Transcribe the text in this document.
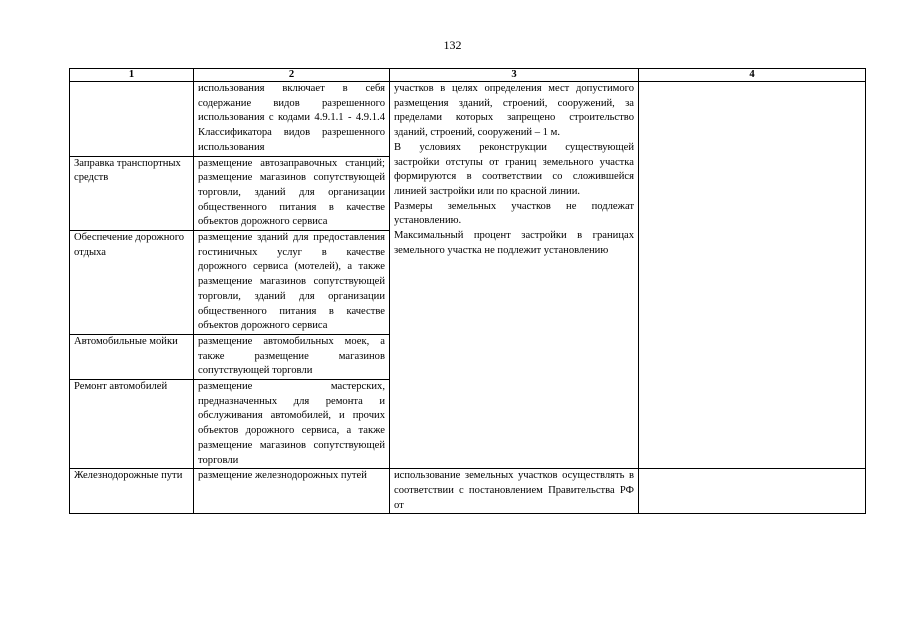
132
1	2	3	4
	использования включает в себя содержание видов разрешенного использования с кодами 4.9.1.1 - 4.9.1.4 Классификатора видов разрешенного использования	участков в целях определения мест допустимого размещения зданий, строений, сооружений, за пределами которых запрещено строительство зданий, строений, сооружений – 1 м.

В условиях реконструкции существующей застройки отступы от границ земельного участка формируются в соответствии со сложившейся линией застройки или по красной линии.

Размеры земельных участков не подлежат установлению.

Максимальный процент застройки в границах земельного участка не подлежит установлению	

Заправка транспортных средств	размещение автозаправочных станций; размещение магазинов сопутствующей торговли, зданий для организации общественного питания в качестве объектов дорожного сервиса		
Обеспечение дорожного отдыха	размещение зданий для предоставления гостиничных услуг в качестве дорожного сервиса (мотелей), а также размещение магазинов сопутствующей торговли, зданий для организации общественного питания в качестве объектов дорожного сервиса		
Автомобильные мойки	размещение автомобильных моек, а также размещение магазинов сопутствующей торговли		
Ремонт автомобилей	размещение мастерских, предназначенных для ремонта и обслуживания автомобилей, и прочих объектов дорожного сервиса, а также размещение магазинов сопутствующей торговли		
Железнодорожные пути	размещение железнодорожных путей	использование земельных участков осуществлять в соответствии с постановлением Правительства РФ от	
